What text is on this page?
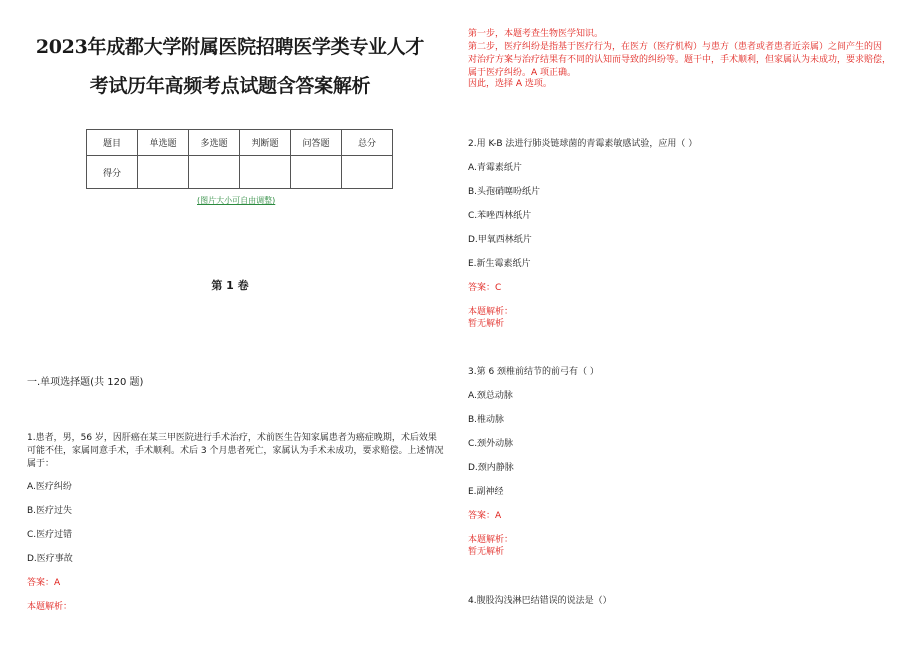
2023年成都大学附属医院招聘医学类专业人才
考试历年高频考点试题含答案解析
题目	单选题	多选题	判断题	问答题	总分
得分					
(图片大小可自由调整)
第 1 卷
一.单项选择题(共 120 题)
1.患者，男，56 岁，因肝癌在某三甲医院进行手术治疗，术前医生告知家属患者为癌症晚期，术后效果
可能不佳，家属同意手术，手术顺利。术后 3 个月患者死亡，家属认为手术未成功，要求赔偿。上述情况
属于：
A.医疗纠纷
B.医疗过失
C.医疗过错
D.医疗事故
答案：A
本题解析：
第一步，本题考查生物医学知识。
第二步，医疗纠纷是指基于医疗行为，在医方（医疗机构）与患方（患者或者患者近亲属）之间产生的因
对治疗方案与治疗结果有不同的认知而导致的纠纷等。题干中，手术顺利，但家属认为未成功，要求赔偿，
属于医疗纠纷。A 项正确。
因此，选择 A 选项。
2.用 K-B 法进行肺炎链球菌的青霉素敏感试验，应用（ ）
A.青霉素纸片
B.头孢硝噻吩纸片
C.苯唑西林纸片
D.甲氧西林纸片
E.新生霉素纸片
答案：C
本题解析：
暂无解析
3.第 6 颈椎前结节的前弓有（ ）
A.颈总动脉
B.椎动脉
C.颈外动脉
D.颈内静脉
E.副神经
答案：A
本题解析：
暂无解析
4.腹股沟浅淋巴结错误的说法是（）
